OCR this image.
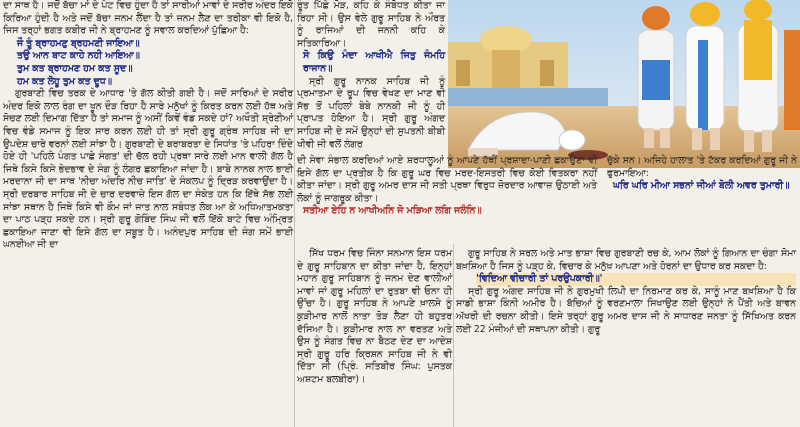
ਦਾ ਸਾਥ ਹੈ। ਜਦੋਂ ਬੱਚਾ ਮਾਂ ਦੇ ਪੇਟ ਵਿਚ ਹੁੰਦਾ ਹੈ ਤਾਂ ਸਾਰੀਆਂ ਮਾਵਾਂ ਦੇ ਸਰੀਰ ਅੰਦਰ ਇਕੋ ਕਿਰਿਆ ਹੁੰਦੀ ਹੈ ਅਤੇ ਜਦੋਂ ਬੱਚਾ ਜਨਮ ਲੈਂਦਾ ਹੈ ਤਾਂ ਜਨਮ ਲੈਣ ਦਾ ਤਰੀਕਾ ਵੀ ਇਕੋ ਹੈ, ਜਿਸ ਤਰ੍ਹਾਂ ਭਗਤ ਕਬੀਰ ਜੀ ਨੇ ਬ੍ਰਾਹਮਣ ਨੂੰ ਸਵਾਲ ਕਰਦਿਆਂ ਪੁੱਛਿਆ ਹੈ:

ਜੌ ਤੂੰ ਬ੍ਰਾਹਮਣੁ ਬ੍ਰਹਮਣੀ ਜਾਇਆ॥

ਤਉ ਆਨ ਬਾਟ ਕਾਹੇ ਨਹੀ ਆਇਆ॥

ਤੁਮ ਕਤ ਬ੍ਰਾਹਮਣ ਹਮ ਕਤ ਸੂਦ॥

ਹਮ ਕਤ ਲੋਹੂ ਤੁਮ ਕਤ ਦੂਧ॥

ਗੁਰਬਾਣੀ ਵਿਚ ਤਰਕ ਦੇ ਆਧਾਰ 'ਤੇ ਗੱਲ ਕੀਤੀ ਗਈ ਹੈ। ਜਦੋਂ ਸਾਰਿਆਂ ਦੇ ਸਰੀਰ ਅੰਦਰ ਇਕੋ ਲਾਲ ਰੰਗ ਦਾ ਖੂਨ ਦੌੜ ਰਿਹਾ ਹੈ ਸਾਰੇ ਮਨੁੱਖਾਂ ਨੂੰ ਕਿਰਤ ਕਰਨ ਲਈ ਹੱਥ ਅਤੇ ਸੋਚਣ ਲਈ ਦਿਮਾਗ ਦਿੱਤਾ ਹੈ ਤਾਂ ਸਮਾਜ ਨੂੰ ਅਸੀਂ ਕਿਵੇਂ ਵੰਡ ਸਕਦੇ ਹਾਂ? ਅਖੌਤੀ ਸ਼੍ਰੇਣੀਆਂ ਵਿਚ ਵੰਡੇ ਸਮਾਜ ਨੂੰ ਇਕ ਸਾਰ ਕਰਨ ਲਈ ਹੀ ਤਾਂ ਸ੍ਰੀ ਗੁਰੂ ਗ੍ਰੰਥ ਸਾਹਿਬ ਜੀ ਦਾ ਉਪਦੇਸ਼ ਚਾਰੇ ਵਰਨਾਂ ਲਈ ਸਾਂਝਾ ਹੈ। ਗੁਰਬਾਣੀ ਦੇ ਬਰਾਬਰਤਾ ਦੇ ਸਿਧਾਂਤ 'ਤੇ ਪਹਿਰਾ ਦਿੰਦੇ ਹੋਏ ਹੀ 'ਪਹਿਲੇ ਪੰਗਤ ਪਾਛੇ ਸੰਗਤ' ਦੀ ਚੱਲ ਰਹੀ ਪ੍ਰਥਾ ਸਾਰੇ ਲਈ ਮਾਨ ਵਾਲੀ ਗੱਲ ਹੈ ਜਿਥੇ ਕਿਸੇ ਕਿਸੇ ਭੇਦਭਾਵ ਦੇ ਸੰਗ ਨੂੰ ਲੰਗਰ ਛਕਾਇਆ ਜਾਂਦਾ ਹੈ। ਬਾਬੇ ਨਾਨਕ ਨਾਲ ਭਾਈ ਮਰਦਾਨਾ ਜੀ ਦਾ ਸਾਥ 'ਨੀਚਾ ਅੰਦਰਿ ਨੀਚ ਜਾਤਿ' ਦੇ ਸੰਕਲਪ ਨੂੰ ਦ੍ਰਿੜ ਕਰਵਾਉਂਦਾ ਹੈ। ਸ੍ਰੀ ਦਰਬਾਰ ਸਾਹਿਬ ਜੀ ਦੇ ਚਾਰ ਦਰਵਾਜ਼ੇ ਇਸ ਗੱਲ ਦਾ ਸੰਕੇਤ ਹਨ ਕਿ ਇੱਥੇ ਸੱਭ ਲਈ ਸਾਂਝਾ ਸਥਾਨ ਹੈ ਜਿਥੇ ਕਿਸੇ ਵੀ ਕੌਮ ਜਾਂ ਜਾਤ ਨਾਲ ਸਬੰਧਤ ਲੋਕ ਆ ਕੇ ਅਧਿਆਤਮਕਤਾ ਦਾ ਪਾਠ ਪੜ੍ਹ ਸਕਦੇ ਹਨ। ਸ੍ਰੀ ਗੁਰੂ ਗੋਬਿੰਦ ਸਿੰਘ ਜੀ ਵਲੋਂ ਇੱਕੋ ਬਾਟੇ ਵਿਚ ਅੰਮ੍ਰਿਤ ਛਕਾਇਆ ਜਾਣਾ ਵੀ ਇਸੇ ਗੱਲ ਦਾ ਸਬੂਤ ਹੈ। ਅਨੰਦਪੁਰ ਸਾਹਿਬ ਦੀ ਜੰਗ ਸਮੇਂ ਭਾਈ ਘਨਈਆ ਜੀ ਦਾ

ਰੂੰਤ ਪਿੱਛੇ ਮੋੜ, ਕਹਿ ਕੇ ਸੰਬੋਧਤ ਕੀਤਾ ਜਾ ਰਿਹਾ ਸੀ। ਉਸ ਵੇਲੇ ਗੁਰੂ ਸਾਹਿਬ ਨੇ ਔਰਤ ਨੂੰ ਰਾਜਿਆਂ ਦੀ ਜਨਨੀ ਕਹਿ ਕੇ ਸਤਿਕਾਰਿਆ।

ਸੋ ਕਿਉ ਮੰਦਾ ਆਖੀਐ ਜਿਤੁ ਜੰਮਹਿ ਰਾਜਾਨ॥

ਸ੍ਰੀ ਗੁਰੂ ਨਾਨਕ ਸਾਹਿਬ ਜੀ ਨੂੰ ਪ੍ਰਮਾਤਮਾ ਦੇ ਰੂਪ ਵਿਚ ਵੇਖਣ ਦਾ ਮਾਣ ਵੀ ਸੱਭ ਤੋਂ ਪਹਿਲਾਂ ਬੇਬੇ ਨਾਨਕੀ ਜੀ ਨੂੰ ਹੀ ਪ੍ਰਾਪਤ ਹੋਇਆ ਹੈ। ਸ੍ਰੀ ਗੁਰੂ ਅੰਗਦ ਸਾਹਿਬ ਜੀ ਦੇ ਸਮੇਂ ਉਨ੍ਹਾਂ ਦੀ ਸੁਪਤਨੀ ਬੀਬੀ ਖੀਵੀ ਜੀ ਵਲੋਂ ਲੰਗਰ

ਦੀ ਸੇਵਾ ਸੰਭਾਲ ਕਰਦਿਆਂ ਆਏ ਸ਼ਰਧਾਲੂਆਂ ਨੂੰ ਆਪਣੇ ਹੱਥੀਂ ਪ੍ਰਸ਼ਾਦਾ-ਪਾਣੀ ਛਕਾਉਣਾ ਵੀ ਇਸੇ ਗੱਲ ਦਾ ਪ੍ਰਤੀਕ ਹੈ ਕਿ ਗੁਰੂ ਘਰ ਵਿਚ ਮਰਦ-ਇਸਤਰੀ ਵਿਚ ਕੋਈ ਵਿਤਕਰਾ ਨਹੀਂ ਕੀਤਾ ਜਾਂਦਾ। ਸ੍ਰੀ ਗੁਰੂ ਅਮਰ ਦਾਸ ਜੀ ਸਤੀ ਪ੍ਰਥਾ ਵਿਰੁਧ ਜ਼ੋਰਦਾਰ ਆਵਾਜ਼ ਉਠਾਈ ਅਤੇ ਲੋਕਾਂ ਨੂੰ ਜਾਗਰੂਕ ਕੀਤਾ।

ਸਤੀਆ ਏਹਿ ਨ ਆਖੀਅਨਿ ਜੋ ਮੜਿਆ ਲਗਿ ਜਲੰਨਿ॥

ਚੁੱਕੇ ਸਨ। ਅਜਿਹੇ ਹਾਲਾਤ 'ਤੇ ਟੱਕਰ ਕਰਦਿਆਂ ਗੁਰੂ ਜੀ ਨੇ ਫੁਰਮਾਇਆ:

ਘਰਿ ਘਰਿ ਮੀਆ ਸਭਨਾਂ ਜੀਆਂ ਬੋਲੀ ਅਵਰ ਤੁਮਾਰੀ॥

ਸਿੱਖ ਧਰਮ ਵਿਚ ਜਿੰਨਾ ਸਨਮਾਨ ਇਸ ਧਰਮ ਦੇ ਗੁਰੂ ਸਾਹਿਬਾਨ ਦਾ ਕੀਤਾ ਜਾਂਦਾ ਹੈ, ਇਨ੍ਹਾਂ ਮਹਾਨ ਗੁਰੂ ਸਾਹਿਬਾਨ ਨੂੰ ਜਨਮ ਦੇਣ ਵਾਲੀਆਂ ਮਾਵਾਂ ਜਾਂ ਗੁਰੂ ਮਹਿਲਾਂ ਦਾ ਰੁਤਬਾ ਵੀ ਓਨਾ ਹੀ ਉੱਚਾ ਹੈ। ਗੁਰੂ ਸਾਹਿਬ ਨੇ ਆਪਣੇ ਖ਼ਾਲਸੇ ਨੂੰ ਕੁੜੀਮਾਰ ਨਾਲੋਂ ਨਾਤਾ ਤੋੜ ਲੈਣਾ ਹੀ ਬਹੁਤਰ ਦੱਸਿਆ ਹੈ। ਕੁੜੀਮਾਰ ਨਾਲ ਨਾ ਵਰਤਣ ਅਤੇ ਉਸ ਨੂੰ ਸੰਗਤ ਵਿਚ ਨਾ ਬੈਠਣ ਦੇਣ ਦਾ ਆਦੇਸ਼ ਸ੍ਰੀ ਗੁਰੂ ਹਰਿ ਕ੍ਰਿਸ਼ਨ ਸਾਹਿਬ ਜੀ ਨੇ ਵੀ ਦਿੱਤਾ ਸੀ (ਪ੍ਰਿੰ. ਸਤਿਬੀਰ ਸਿੰਘ: ਪੁਸਤਕ ਅਸ਼ਟਮ ਬਲਬੀਰਾ)।

ਗੁਰੂ ਸਾਹਿਬ ਨੇ ਸਰਲ ਅਤੇ ਮਾਤ ਭਾਸ਼ਾ ਵਿਚ ਗੁਰਬਾਣੀ ਰਚ ਕੇ, ਆਮ ਲੋਕਾਂ ਨੂੰ ਗਿਆਨ ਦਾ ਚੰਗਾ ਸੋਮਾ ਬਖ਼ਸ਼ਿਆ ਹੈ ਜਿਸ ਨੂੰ ਪੜ੍ਹ ਕੇ, ਵਿਚਾਰ ਕੇ ਮਨੁੱਖ ਆਪਣਾ ਅਤੇ ਹੋਰਨਾਂ ਦਾ ਉਧਾਰ ਕਰ ਸਕਦਾ ਹੈ:

'ਵਿਦਿਆ ਵੀਚਾਰੀ ਤਾਂ ਪਰਉਪਕਾਰੀ॥'

ਸ੍ਰੀ ਗੁਰੂ ਅੰਗਦ ਸਾਹਿਬ ਜੀ ਨੇ ਗੁਰਮੁਖੀ ਲਿਪੀ ਦਾ ਨਿਰਮਾਣ ਕਰ ਕੇ, ਸਾਨੂੰ ਮਾਣ ਬਖ਼ਸ਼ਿਆ ਹੈ ਕਿ ਸਾਡੀ ਭਾਸ਼ਾ ਕਿੰਨੀ ਅਮੀਰ ਹੈ। ਬੱਚਿਆਂ ਨੂੰ ਵਰਣਮਾਲਾ ਸਿਖਾਉਣ ਲਈ ਉਨ੍ਹਾਂ ਨੇ ਪੈਂਤੀ ਅਤੇ ਬਾਵਨ ਅੱਖਰੀ ਦੀ ਰਚਨਾ ਕੀਤੀ। ਇਸੇ ਤਰ੍ਹਾਂ ਗੁਰੂ ਅਮਰ ਦਾਸ ਜੀ ਨੇ ਸਾਧਾਰਣ ਜਨਤਾ ਨੂੰ ਸਿੱਖਿਅਤ ਕਰਨ ਲਈ 22 ਮੰਜੀਆਂ ਦੀ ਸਥਾਪਨਾ ਕੀਤੀ। ਗੁਰੂ
